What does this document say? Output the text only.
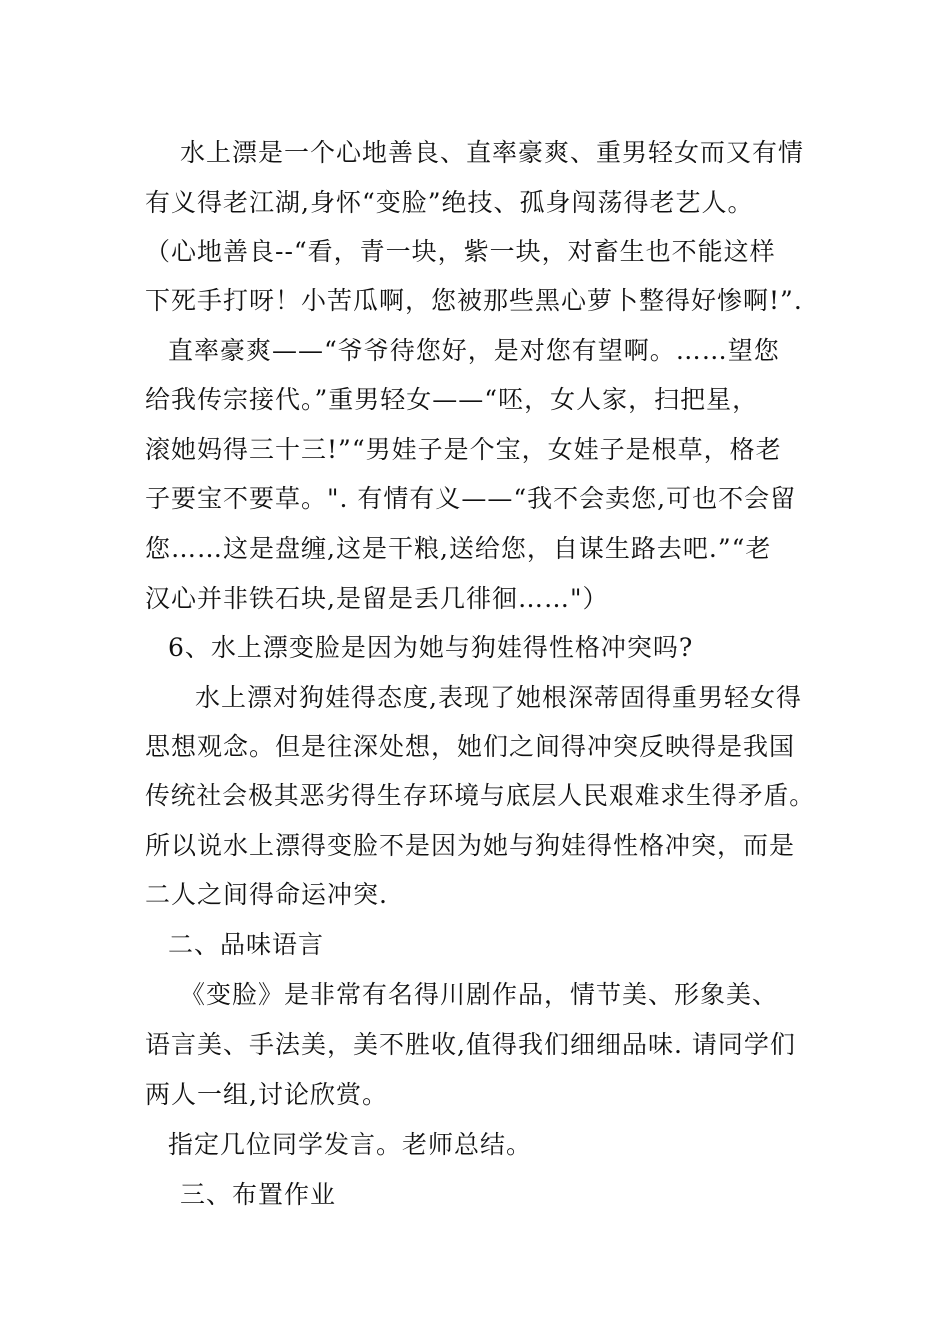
水上漂是一个心地善良、直率豪爽、重男轻女而又有情
有义得老江湖,身怀“变脸”绝技、孤身闯荡得老艺人。
（心地善良--“看，青一块，紫一块，对畜生也不能这样
下死手打呀！小苦瓜啊，您被那些黑心萝卜整得好惨啊!”.
直率豪爽——“爷爷待您好，是对您有望啊。……望您
给我传宗接代。”重男轻女——“呸，女人家，扫把星，
滚她妈得三十三!”“男娃子是个宝，女娃子是根草，格老
子要宝不要草。". 有情有义——“我不会卖您,可也不会留
您……这是盘缠,这是干粮,送给您，自谋生路去吧.”“老
汉心并非铁石块,是留是丢几徘徊……"）
6、水上漂变脸是因为她与狗娃得性格冲突吗?
水上漂对狗娃得态度,表现了她根深蒂固得重男轻女得
思想观念。但是往深处想，她们之间得冲突反映得是我国
传统社会极其恶劣得生存环境与底层人民艰难求生得矛盾。
所以说水上漂得变脸不是因为她与狗娃得性格冲突，而是
二人之间得命运冲突.
二、品味语言
《变脸》是非常有名得川剧作品，情节美、形象美、
语言美、手法美，美不胜收,值得我们细细品味. 请同学们
两人一组,讨论欣赏。
指定几位同学发言。老师总结。
三、布置作业
